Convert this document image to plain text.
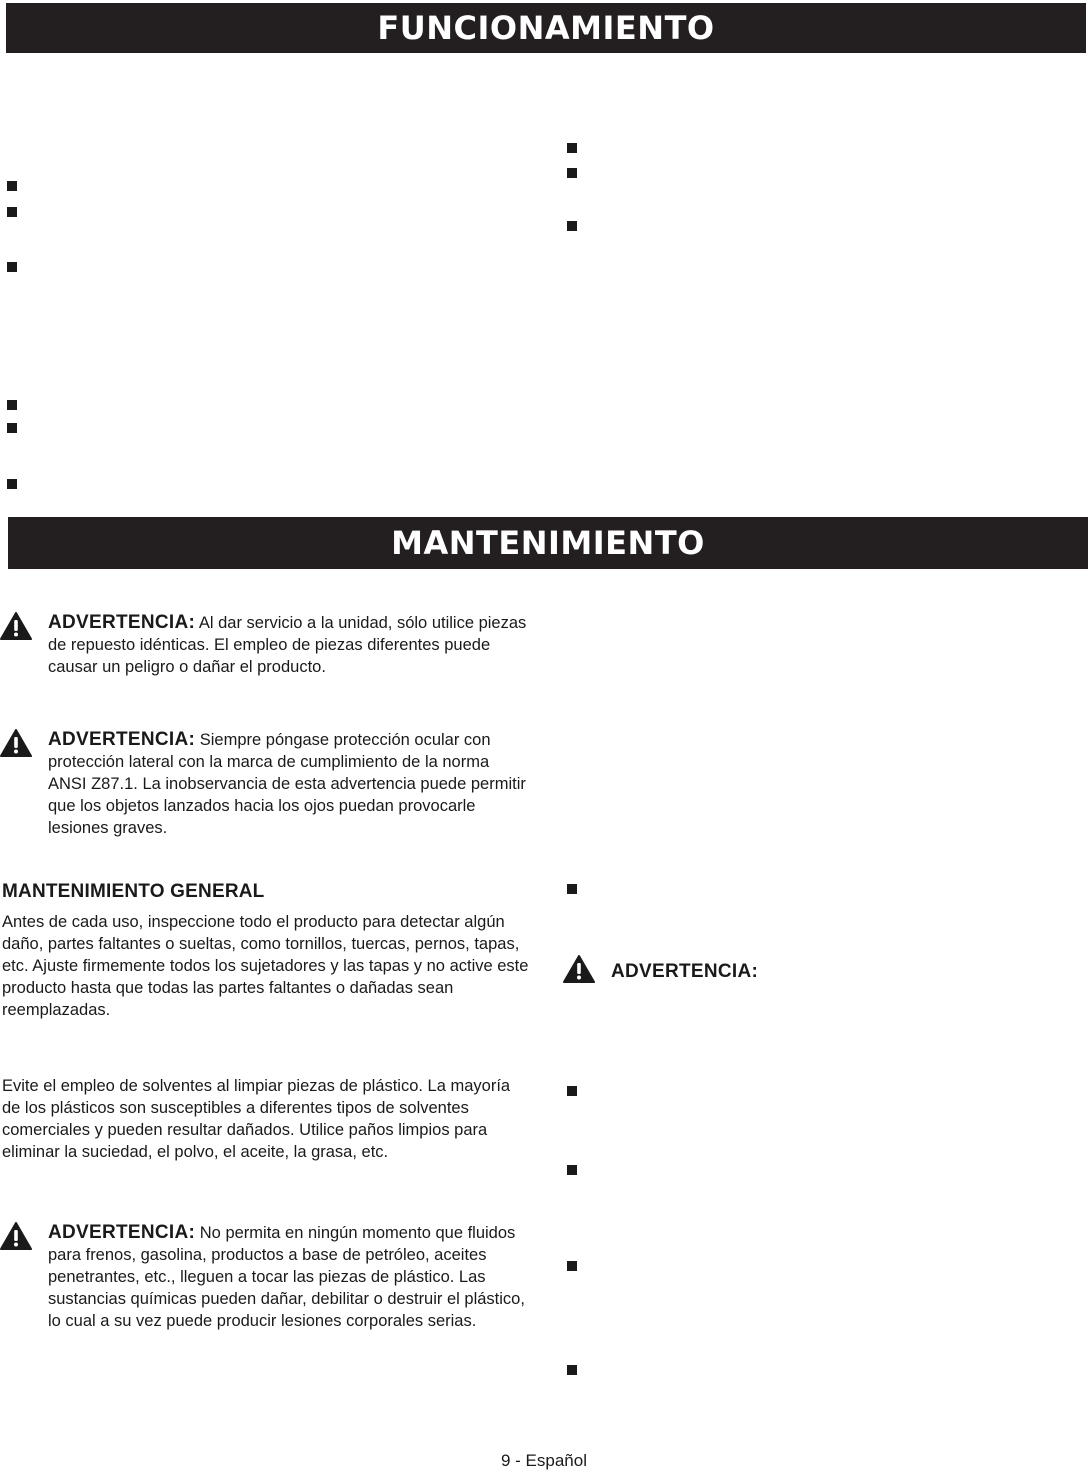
FUNCIONAMIENTO
MANTENIMIENTO
ADVERTENCIA: Al dar servicio a la unidad, sólo utilice piezas de repuesto idénticas. El empleo de piezas diferentes puede causar un peligro o dañar el producto.
ADVERTENCIA: Siempre póngase protección ocular con protección lateral con la marca de cumplimiento de la norma ANSI Z87.1. La inobservancia de esta advertencia puede permitir que los objetos lanzados hacia los ojos puedan provocarle lesiones graves.
MANTENIMIENTO GENERAL
Antes de cada uso, inspeccione todo el producto para detectar algún daño, partes faltantes o sueltas, como tornillos, tuercas, pernos, tapas, etc. Ajuste firmemente todos los sujetadores y las tapas y no active este producto hasta que todas las partes faltantes o dañadas sean reemplazadas.
Evite el empleo de solventes al limpiar piezas de plástico. La mayoría de los plásticos son susceptibles a diferentes tipos de solventes comerciales y pueden resultar dañados. Utilice paños limpios para eliminar la suciedad, el polvo, el aceite, la grasa, etc.
ADVERTENCIA: No permita en ningún momento que fluidos para frenos, gasolina, productos a base de petróleo, aceites penetrantes, etc., lleguen a tocar las piezas de plástico. Las sustancias químicas pueden dañar, debilitar o destruir el plástico, lo cual a su vez puede producir lesiones corporales serias.
ADVERTENCIA:
9 - Español
